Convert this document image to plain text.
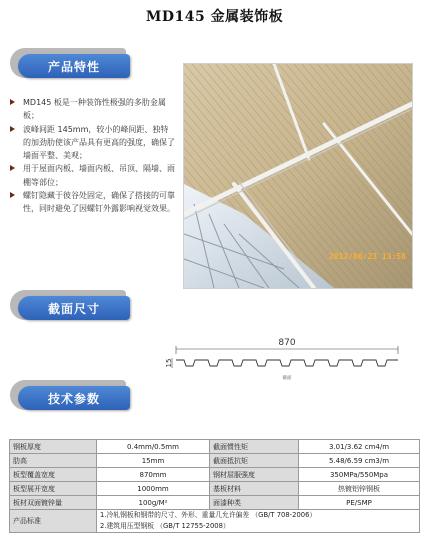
MD145 金属装饰板
产品特性
MD145 板是一种装饰性极强的多肋金属板；
波峰间距 145mm，较小的峰间距、独特的加劲肋使该产品具有更高的强度，确保了墙面平整、美观；
用于屋面内板、墙面内板、吊顶、隔墙、雨棚等部位；
螺钉隐藏于彼谷处固定，确保了搭接的可靠性，同时避免了因螺钉外露影响视觉效果。
2013/06/23 13:58
截面尺寸
870
15
截面
技术参数
钢板厚度	0.4mm/0.5mm	截面惯性矩	3.01/3.62 cm4/m
肋高	15mm	截面抵抗矩	5.48/6.59 cm3/m
板型覆盖宽度	870mm	钢材屈服强度	350MPa/550Mpa
板型展开宽度	1000mm	基板材料	热镀铝锌钢板
板材双面镀锌量	100g/M²	面漆种类	PE/SMP
产品标准	1.冷轧钢板和钢带的尺寸、外形、重量几允许偏差 （GB/T 708-2006）
2.建筑用压型钢板 （GB/T 12755-2008）		
